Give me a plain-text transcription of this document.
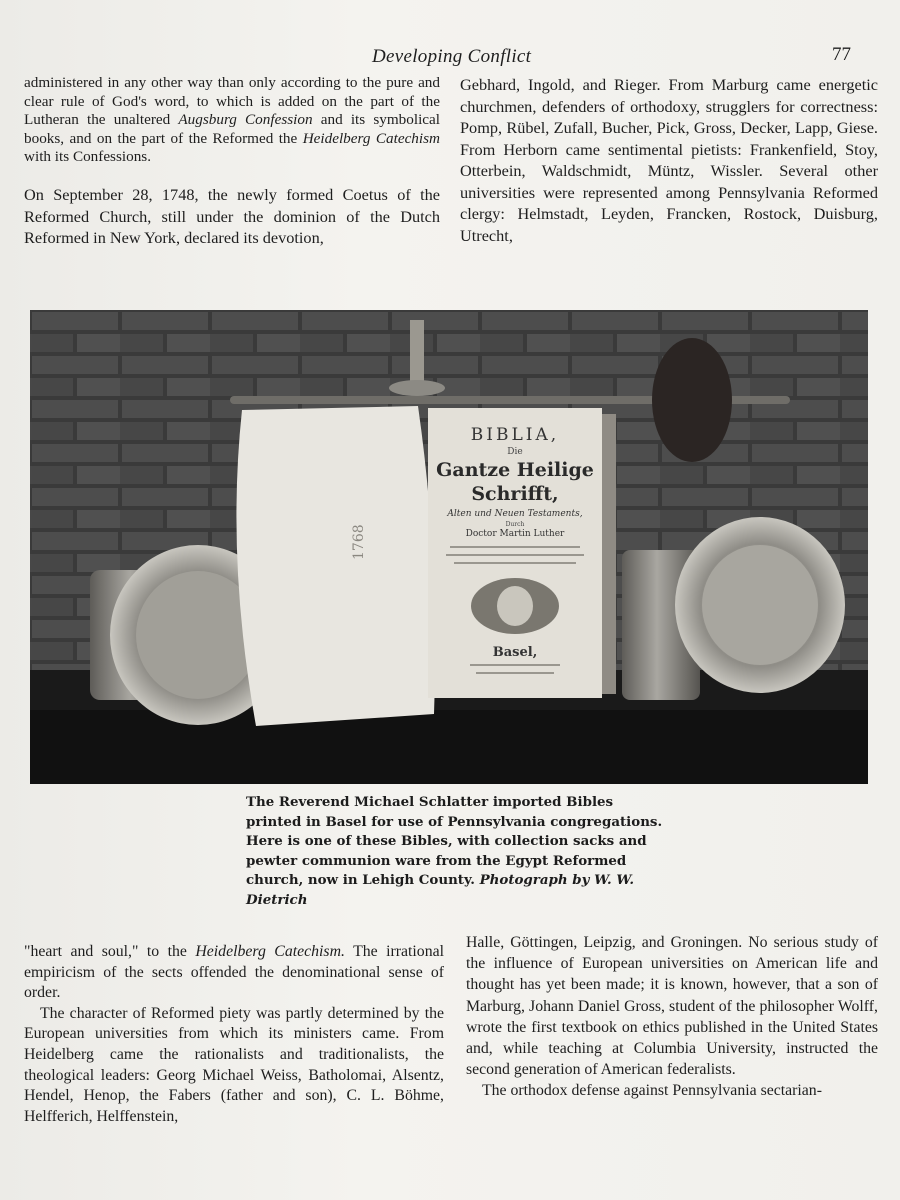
Developing Conflict	77

administered in any other way than only according to the pure and clear rule of God's word, to which is added on the part of the Lutheran the unaltered Augsburg Confession and its symbolical books, and on the part of the Reformed the Heidelberg Catechism with its Confessions.

On September 28, 1748, the newly formed Coetus of the Reformed Church, still under the dominion of the Dutch Reformed in New York, declared its devotion,

Gebhard, Ingold, and Rieger. From Marburg came energetic churchmen, defenders of orthodoxy, strugglers for correctness: Pomp, Rübel, Zufall, Bucher, Pick, Gross, Decker, Lapp, Giese. From Herborn came sentimental pietists: Frankenfield, Stoy, Otterbein, Waldschmidt, Müntz, Wissler. Several other universities were represented among Pennsylvania Reformed clergy: Helmstadt, Leyden, Francken, Rostock, Duisburg, Utrecht,

1768
BIBLIA,
Die
Gantze Heilige
Schrifft,
Alten und Neuen Testaments,
Durch
Doctor Martin Luther
Basel,
The Reverend Michael Schlatter imported Bibles printed in Basel for use of Pennsylvania congregations. Here is one of these Bibles, with collection sacks and pewter communion ware from the Egypt Reformed church, now in Lehigh County. Photograph by W. W. Dietrich

"heart and soul," to the Heidelberg Catechism. The irrational empiricism of the sects offended the denominational sense of order.

The character of Reformed piety was partly determined by the European universities from which its ministers came. From Heidelberg came the rationalists and traditionalists, the theological leaders: Georg Michael Weiss, Batholomai, Alsentz, Hendel, Henop, the Fabers (father and son), C. L. Böhme, Helfferich, Helffenstein,

Halle, Göttingen, Leipzig, and Groningen. No serious study of the influence of European universities on American life and thought has yet been made; it is known, however, that a son of Marburg, Johann Daniel Gross, student of the philosopher Wolff, wrote the first textbook on ethics published in the United States and, while teaching at Columbia University, instructed the second generation of American federalists.

The orthodox defense against Pennsylvania sectarian-
